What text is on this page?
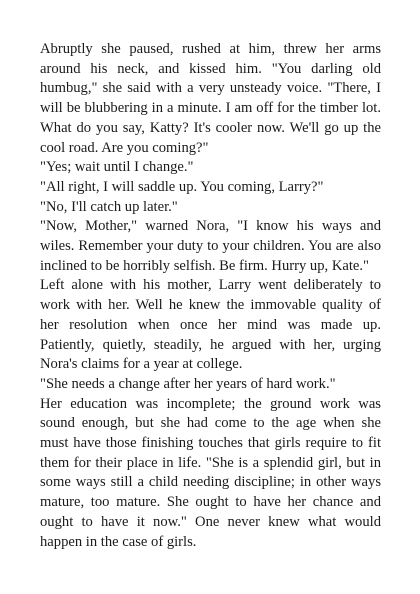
Abruptly she paused, rushed at him, threw her arms around his neck, and kissed him. "You darling old humbug," she said with a very unsteady voice. "There, I will be blubbering in a minute. I am off for the timber lot. What do you say, Katty? It's cooler now. We'll go up the cool road. Are you coming?"

"Yes; wait until I change."

"All right, I will saddle up. You coming, Larry?"

"No, I'll catch up later."

"Now, Mother," warned Nora, "I know his ways and wiles. Remember your duty to your children. You are also inclined to be horribly selfish. Be firm. Hurry up, Kate."

Left alone with his mother, Larry went deliberately to work with her. Well he knew the immovable quality of her resolution when once her mind was made up. Patiently, quietly, steadily, he argued with her, urging Nora's claims for a year at college.

"She needs a change after her years of hard work."

Her education was incomplete; the ground work was sound enough, but she had come to the age when she must have those finishing touches that girls require to fit them for their place in life. "She is a splendid girl, but in some ways still a child needing discipline; in other ways mature, too mature. She ought to have her chance and ought to have it now." One never knew what would happen in the case of girls.
